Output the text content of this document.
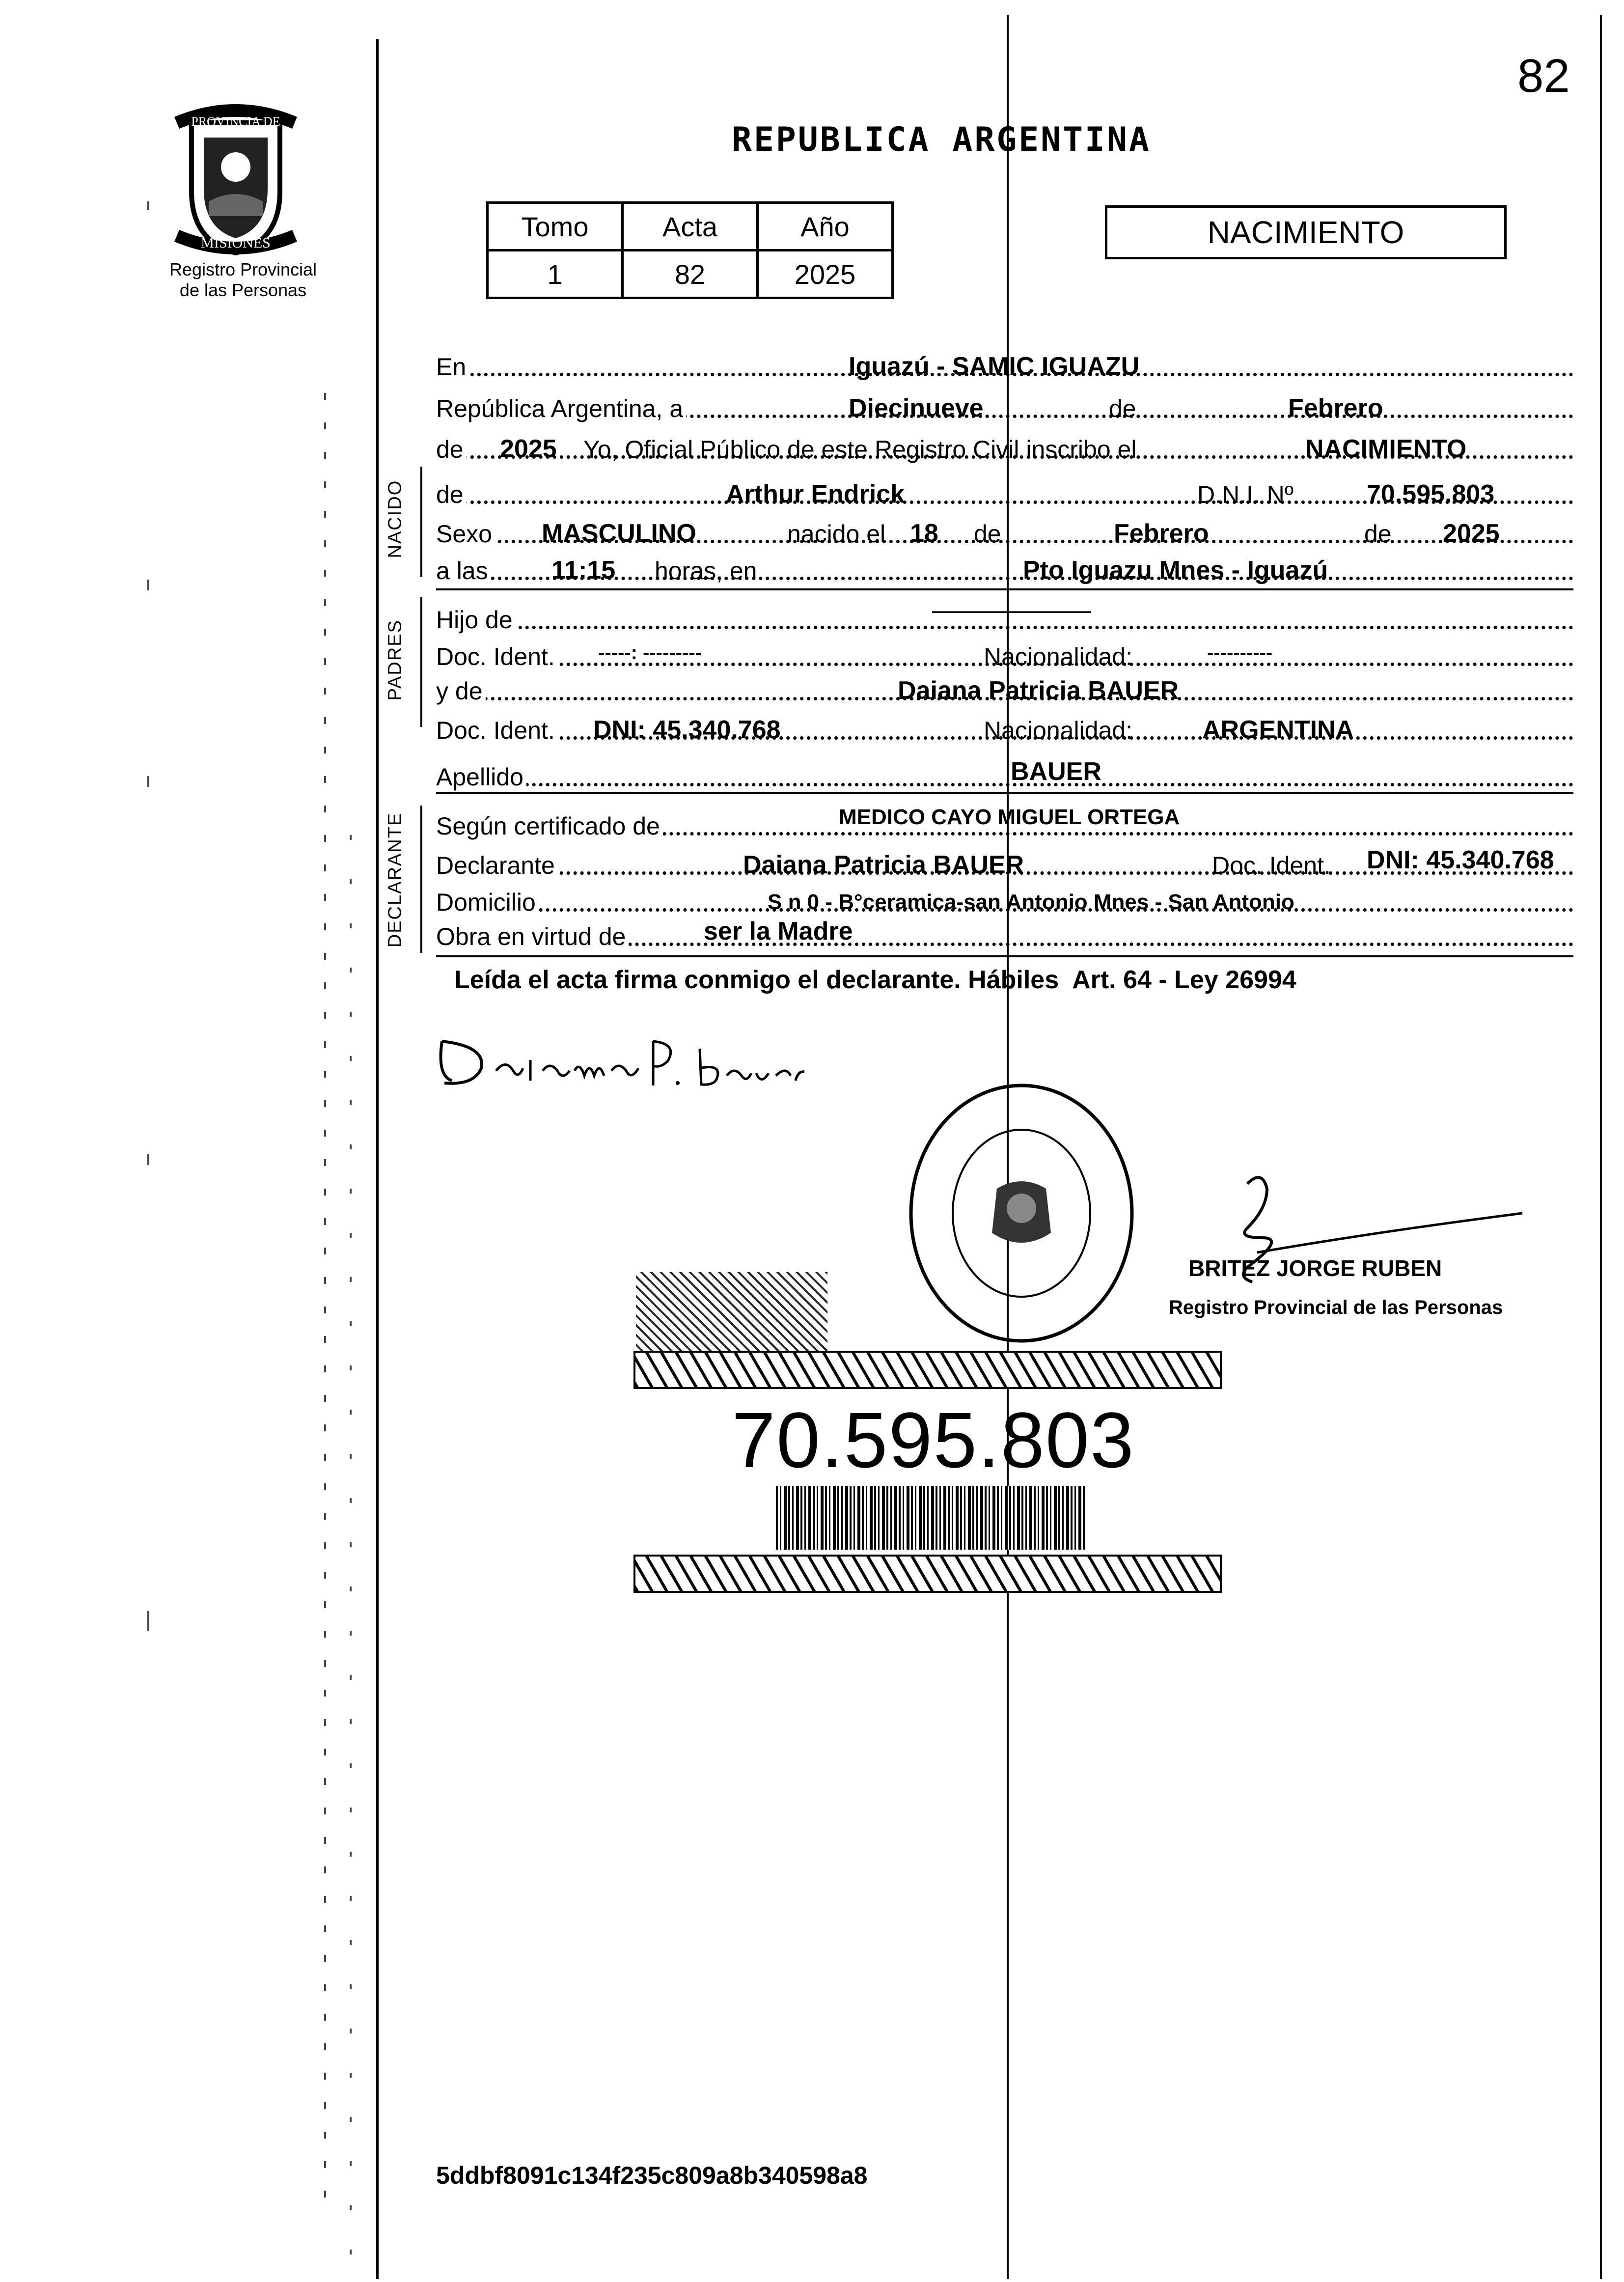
82
PROVINCIA DE
MISIONES
Registro Provincial
de las Personas
REPUBLICA ARGENTINA
Tomo	Acta	Año
1	82	2025
NACIMIENTO
En	Iguazú - SAMIC IGUAZU
República Argentina, a	Diecinueve	de	Febrero
de 2025 Yo, Oficial Público de este Registro Civil inscribo el	NACIMIENTO
NACIDO de	Arthur Endrick	D.N.I. Nº	70.595.803
Sexo MASCULINO	nacido el 18 de	Febrero	de 2025
a las 11:15 horas, en	Pto Iguazu Mnes - Iguazú
PADRES Hijo de	—————————
Doc. Ident. -----: ---------	Nacionalidad:	----------
y de	Daiana Patricia BAUER
Doc. Ident. DNI: 45.340.768	Nacionalidad:	ARGENTINA
Apellido	BAUER
DECLARANTE Según certificado de	MEDICO CAYO MIGUEL ORTEGA
Declarante	Daiana Patricia BAUER	Doc. Ident. DNI: 45.340.768
Domicilio	S n 0 - B°ceramica-san Antonio Mnes - San Antonio
Obra en virtud de	ser la Madre
Leída el acta firma conmigo el declarante. Hábiles  Art. 64 - Ley 26994
BRITEZ JORGE RUBEN
Registro Provincial de las Personas
70.595.803
5ddbf8091c134f235c809a8b340598a8
